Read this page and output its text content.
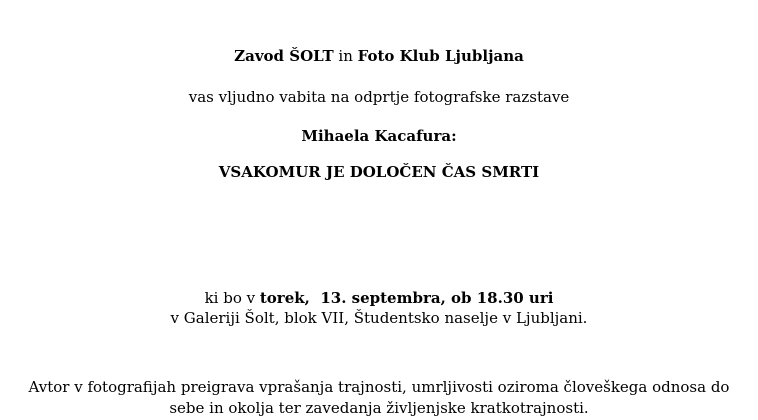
Zavod ŠOLT in Foto Klub Ljubljana
vas vljudno vabita na odprtje fotografske razstave
Mihaela Kacafura:
VSAKOMUR JE DOLOČEN ČAS SMRTI
ki bo v torek,  13. septembra, ob 18.30 uri
v Galeriji Šolt, blok VII, Študentsko naselje v Ljubljani.
Avtor v fotografijah preigrava vprašanja trajnosti, umrljivosti oziroma človeškega odnosa do
sebe in okolja ter zavedanja življenjske kratkotrajnosti.
